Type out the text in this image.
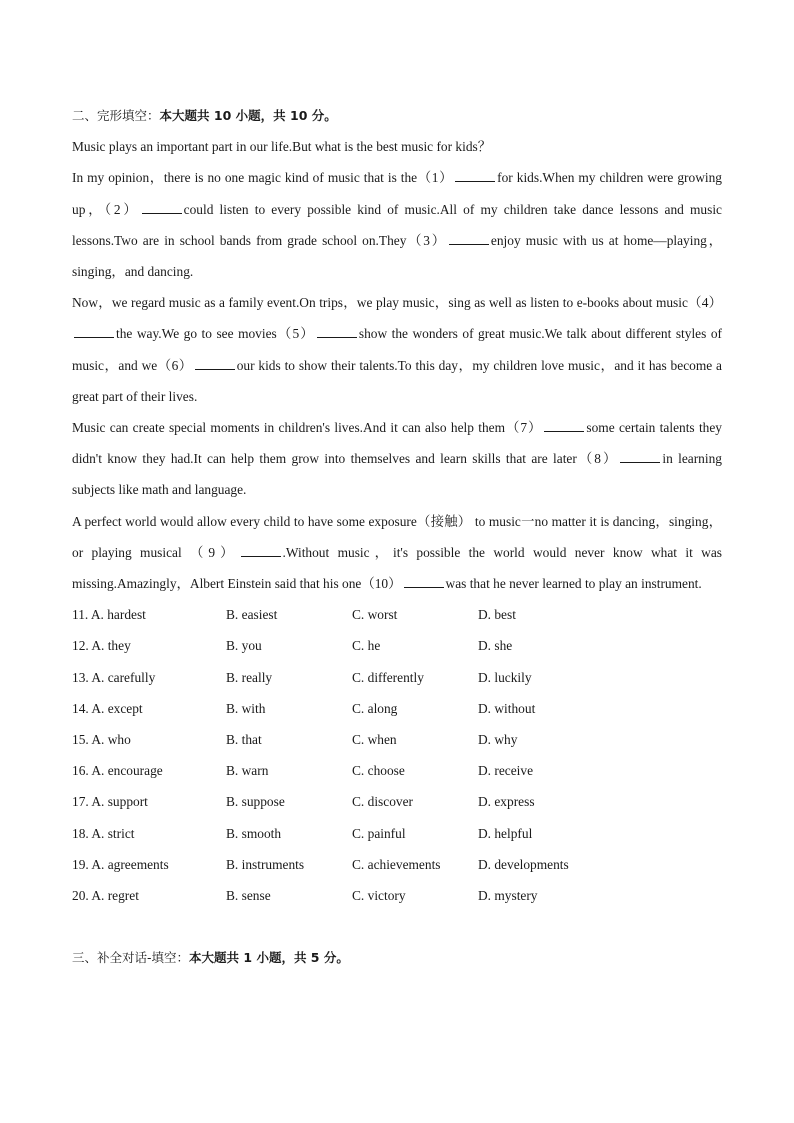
二、完形填空：本大题共 10 小题，共 10 分。

Music plays an important part in our life.But what is the best music for kids？

In my opinion，there is no one magic kind of music that is the（1）	for kids.When my children were growing up，（2）	could listen to every possible kind of music.All of my children take dance lessons and music lessons.Two are in school bands from grade school on.They（3）	enjoy music with us at home—playing，singing，and dancing.

Now，we regard music as a family event.On trips，we play music，sing as well as listen to e-books about music（4）the way.We go to see movies（5）	show the wonders of great music.We talk about different styles of music，and we（6）	our kids to show their talents.To this day，my children love music，and it has become a great part of their lives.

Music can create special moments in children's lives.And it can also help them（7）	some certain talents they didn't know they had.It can help them grow into themselves and learn skills that are later（8）	in learning subjects like math and language.

A perfect world would allow every child to have some exposure（接触） to music一no matter it is dancing，singing，or playing musical （9）	.Without music，it's possible the world would never know what it was missing.Amazingly，Albert Einstein said that his one（10）	was that he never learned to play an instrument.

11. A. hardest	B. easiest	C. worst	D. best
12. A. they	B. you	C. he	D. she
13. A. carefully	B. really	C. differently	D. luckily
14. A. except	B. with	C. along	D. without
15. A. who	B. that	C. when	D. why
16. A. encourage	B. warn	C. choose	D. receive
17. A. support	B. suppose	C. discover	D. express
18. A. strict	B. smooth	C. painful	D. helpful
19. A. agreements	B. instruments	C. achievements	D. developments
20. A. regret	B. sense	C. victory	D. mystery
三、补全对话-填空：本大题共 1 小题，共 5 分。
